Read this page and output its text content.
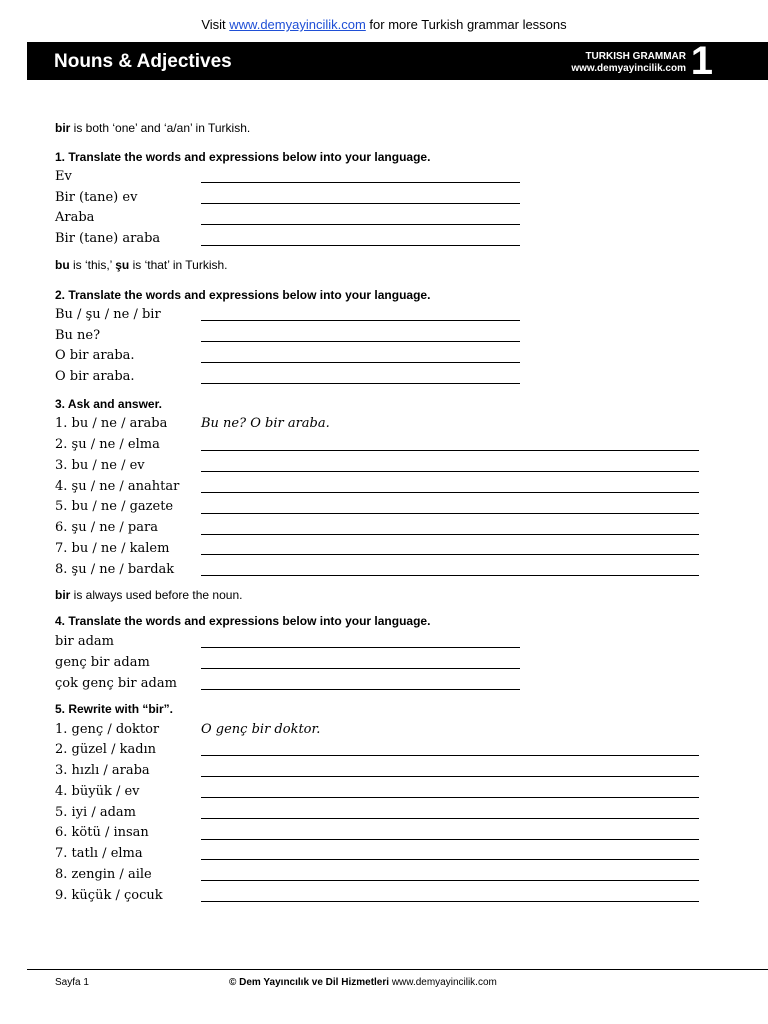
Visit www.demyayincilik.com for more Turkish grammar lessons
Nouns & Adjectives	TURKISH GRAMMAR
www.demyayincilik.com 1
bir is both ‘one’ and ‘a/an’ in Turkish.
1. Translate the words and expressions below into your language.
Ev
Bir (tane) ev
Araba
Bir (tane) araba
bu is ‘this,’ şu is ‘that’ in Turkish.
2. Translate the words and expressions below into your language.
Bu / şu / ne / bir
Bu ne?
O bir araba.
O bir araba.
3. Ask and answer.
1. bu / ne / araba	Bu ne? O bir araba.
2. şu / ne / elma
3. bu / ne / ev
4. şu / ne / anahtar
5. bu / ne / gazete
6. şu / ne / para
7. bu / ne / kalem
8. şu / ne / bardak
bir is always used before the noun.
4. Translate the words and expressions below into your language.
bir adam
genç bir adam
çok genç bir adam
5. Rewrite with “bir”.
1. genç / doktor	O genç bir doktor.
2. güzel / kadın
3. hızlı / araba
4. büyük / ev
5. iyi / adam
6. kötü / insan
7. tatlı / elma
8. zengin / aile
9. küçük / çocuk
Sayfa 1	© Dem Yayıncılık ve Dil Hizmetleri www.demyayincilik.com
